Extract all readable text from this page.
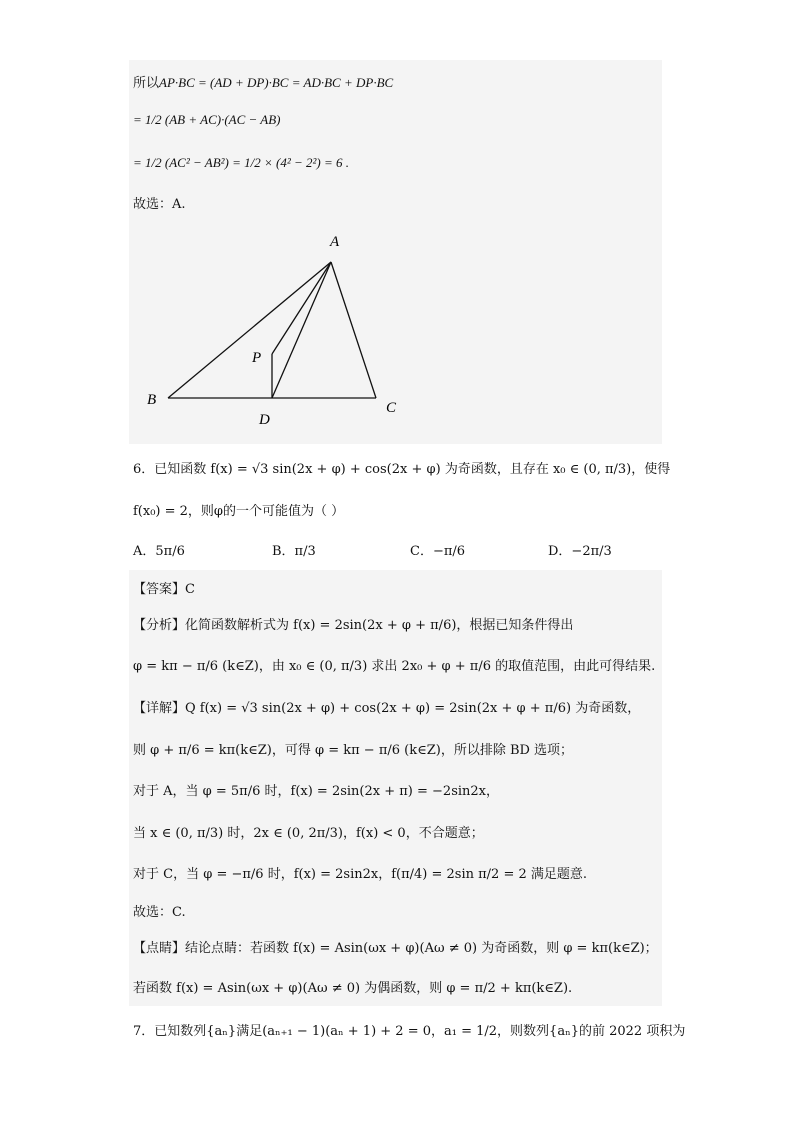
所以AP·BC = (AD + DP)·BC = AD·BC + DP·BC
= 1/2 (AB + AC)·(AC − AB)
= 1/2 (AC² − AB²) = 1/2 × (4² − 2²) = 6 .
故选：A.
A
B	C
D
P
6．已知函数 f(x) = √3 sin(2x + φ) + cos(2x + φ) 为奇函数，且存在 x₀ ∈ (0, π/3)，使得
f(x₀) = 2，则φ的一个可能值为（ ）
A．5π/6	B．π/3	C．−π/6	D．−2π/3
【答案】C
【分析】化简函数解析式为 f(x) = 2sin(2x + φ + π/6)，根据已知条件得出
φ = kπ − π/6 (k∈Z)，由 x₀ ∈ (0, π/3) 求出 2x₀ + φ + π/6 的取值范围，由此可得结果.
【详解】Q f(x) = √3 sin(2x + φ) + cos(2x + φ) = 2sin(2x + φ + π/6) 为奇函数，
则 φ + π/6 = kπ(k∈Z)，可得 φ = kπ − π/6 (k∈Z)，所以排除 BD 选项；
对于 A，当 φ = 5π/6 时，f(x) = 2sin(2x + π) = −2sin2x，
当 x ∈ (0, π/3) 时，2x ∈ (0, 2π/3)，f(x) < 0，不合题意；
对于 C，当 φ = −π/6 时，f(x) = 2sin2x，f(π/4) = 2sin π/2 = 2 满足题意.
故选：C.
【点睛】结论点睛：若函数 f(x) = Asin(ωx + φ)(Aω ≠ 0) 为奇函数，则 φ = kπ(k∈Z)；
若函数 f(x) = Asin(ωx + φ)(Aω ≠ 0) 为偶函数，则 φ = π/2 + kπ(k∈Z).
7．已知数列{aₙ}满足(aₙ₊₁ − 1)(aₙ + 1) + 2 = 0，a₁ = 1/2，则数列{aₙ}的前 2022 项积为
